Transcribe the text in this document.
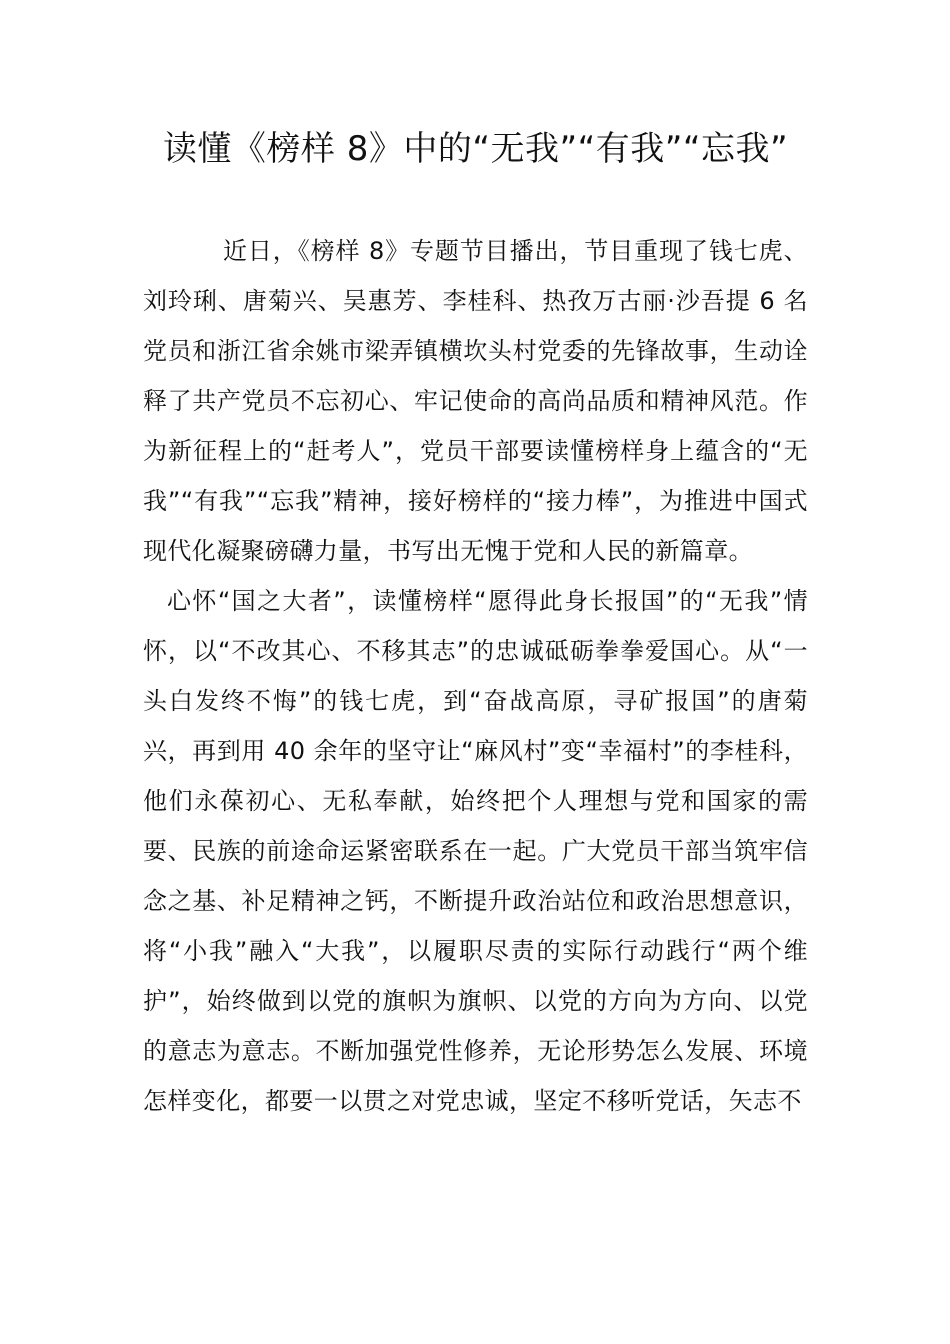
读懂《榜样 8》中的“无我”“有我”“忘我”

近日，《榜样 8》专题节目播出，节目重现了钱七虎、刘玲琍、唐菊兴、吴惠芳、李桂科、热孜万古丽·沙吾提 6 名党员和浙江省余姚市梁弄镇横坎头村党委的先锋故事，生动诠释了共产党员不忘初心、牢记使命的高尚品质和精神风范。作为新征程上的“赶考人”，党员干部要读懂榜样身上蕴含的“无我”“有我”“忘我”精神，接好榜样的“接力棒”，为推进中国式现代化凝聚磅礴力量，书写出无愧于党和人民的新篇章。

心怀“国之大者”，读懂榜样“愿得此身长报国”的“无我”情怀，以“不改其心、不移其志”的忠诚砥砺拳拳爱国心。从“一头白发终不悔”的钱七虎，到“奋战高原，寻矿报国”的唐菊兴，再到用 40 余年的坚守让“麻风村”变“幸福村”的李桂科，他们永葆初心、无私奉献，始终把个人理想与党和国家的需要、民族的前途命运紧密联系在一起。广大党员干部当筑牢信念之基、补足精神之钙，不断提升政治站位和政治思想意识，将“小我”融入“大我”，以履职尽责的实际行动践行“两个维护”，始终做到以党的旗帜为旗帜、以党的方向为方向、以党的意志为意志。不断加强党性修养，无论形势怎么发展、环境怎样变化，都要一以贯之对党忠诚，坚定不移听党话，矢志不
